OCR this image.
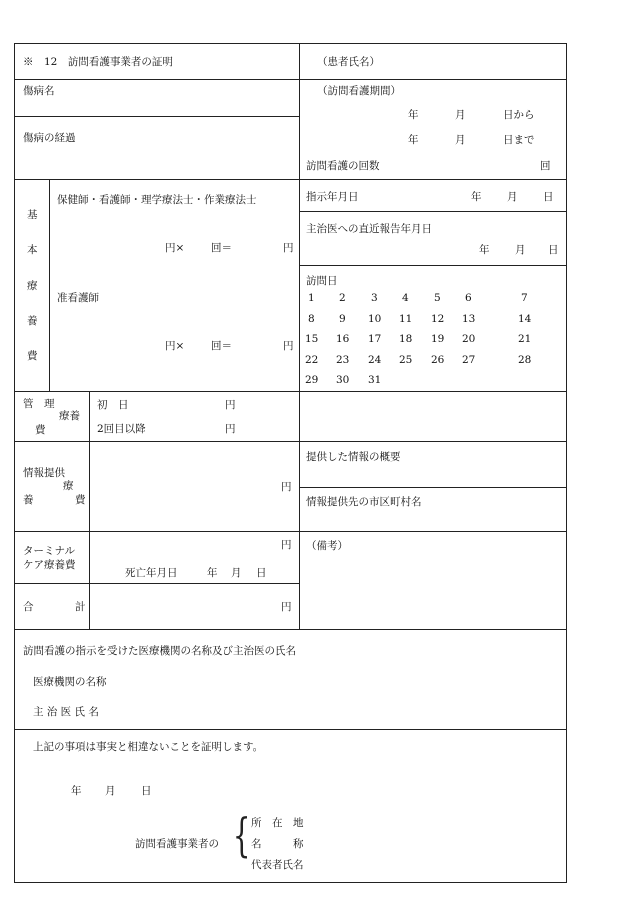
※　12　訪問看護事業者の証明	（患者氏名）
傷病名
傷病の経過
（訪問看護期間）
年	月	日から
年	月	日まで
訪問看護の回数	回
基
本
療
養
費
保健師・看護師・理学療法士・作業療法士
円×	回＝	円
准看護師
円×	回＝	円
指示年月日	年 月 日
主治医への直近報告年月日
年 月 日
訪問日
1 2 3 4 5 6	7
8 9 10 11 12 13	14
15 16 17 18 19 20	21
22 23 24 25 26 27	28
29 30 31
管　理
療養
費
初　日	円
2回目以降	円
情報提供
療
養	費
円
提供した情報の概要
情報提供先の市区町村名
ターミナル
ケア療養費
円
死亡年月日	年 月 日
（備考）
合	計	円
訪問看護の指示を受けた医療機関の名称及び主治医の氏名
医療機関の名称
主 治 医 氏 名
上記の事項は事実と相違ないことを証明します。
年 月 日
訪問看護事業者の { 所　在　地
名　　　称
代表者氏名
